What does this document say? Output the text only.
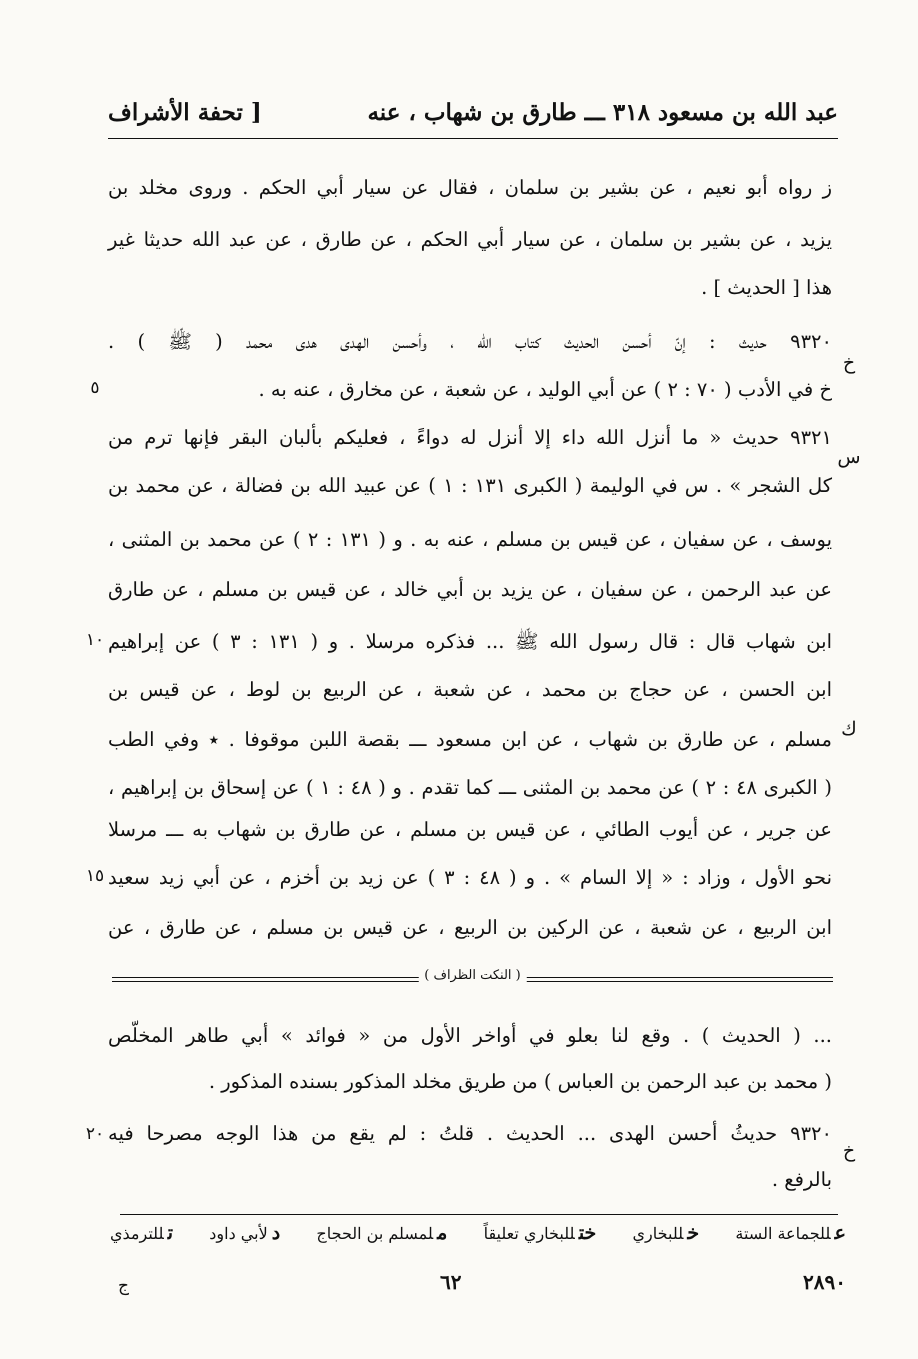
عبد الله بن مسعود ٣١٨ ـــ طارق بن شهاب ، عنه
[ تحفة الأشراف
ز رواه أبو نعيم ، عن بشير بن سلمان ، فقال عن سيار أبي الحكم . وروى مخلد بن
يزيد ، عن بشير بن سلمان ، عن سيار أبي الحكم ، عن طارق ، عن عبد الله حديثا غير
هذا [ الحديث ] .
٩٣٢٠ حديث : إنّ أحسن الحديث كتاب الله ، وأحسن الهدى هدى محمد ( ﷺ ) .
خ في الأدب ( ٧٠ : ٢ ) عن أبي الوليد ، عن شعبة ، عن مخارق ، عنه به .
٩٣٢١ حديث « ما أنزل الله داء إلا أنزل له دواءً ، فعليكم بألبان البقر فإنها ترم من
كل الشجر » . س في الوليمة ( الكبرى ١٣١ : ١ ) عن عبيد الله بن فضالة ، عن محمد بن
يوسف ، عن سفيان ، عن قيس بن مسلم ، عنه به . و ( ١٣١ : ٢ ) عن محمد بن المثنى ،
عن عبد الرحمن ، عن سفيان ، عن يزيد بن أبي خالد ، عن قيس بن مسلم ، عن طارق
ابن شهاب قال : قال رسول الله ﷺ ... فذكره مرسلا . و ( ١٣١ : ٣ ) عن إبراهيم
ابن الحسن ، عن حجاج بن محمد ، عن شعبة ، عن الربيع بن لوط ، عن قيس بن
مسلم ، عن طارق بن شهاب ، عن ابن مسعود ـــ بقصة اللبن موقوفا . ٭ وفي الطب
( الكبرى ٤٨ : ٢ ) عن محمد بن المثنى ـــ كما تقدم . و ( ٤٨ : ١ ) عن إسحاق بن إبراهيم ،
عن جرير ، عن أيوب الطائي ، عن قيس بن مسلم ، عن طارق بن شهاب به ـــ مرسلا
نحو الأول ، وزاد : « إلا السام » . و ( ٤٨ : ٣ ) عن زيد بن أخزم ، عن أبي زيد سعيد
ابن الربيع ، عن شعبة ، عن الركين بن الربيع ، عن قيس بن مسلم ، عن طارق ، عن
خ
س
ك
خ
٥
١٠
١٥
٢٠
( النكت الظراف )
... ( الحديث ) . وقع لنا بعلو في أواخر الأول من « فوائد » أبي طاهر المخلّص
( محمد بن عبد الرحمن بن العباس ) من طريق مخلد المذكور بسنده المذكور .
٩٣٢٠ حديثُ أحسن الهدى ... الحديث . قلتُ : لم يقع من هذا الوجه مصرحا فيه
بالرفع .
عللجماعة الستة
خللبخاري
ختللبخاري تعليقاً
ملمسلم بن الحجاج
دلأبي داود
تللترمذي
٦٢	٢٨٩٠
ج
